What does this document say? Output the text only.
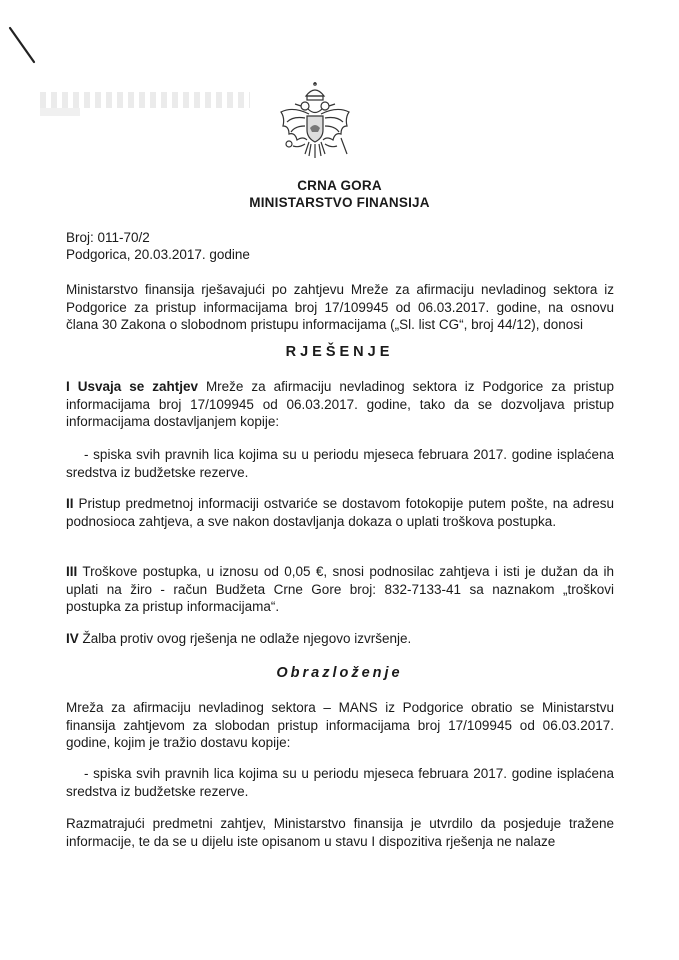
CRNA GORA
MINISTARSTVO FINANSIJA
Broj: 011-70/2
Podgorica, 20.03.2017. godine
Ministarstvo finansija rješavajući po zahtjevu Mreže za afirmaciju nevladinog sektora iz Podgorice za pristup informacijama broj 17/109945 od 06.03.2017. godine, na osnovu člana 30 Zakona o slobodnom pristupu informacijama („Sl. list CG“, broj 44/12), donosi
RJEŠENJE
I Usvaja se zahtjev Mreže za afirmaciju nevladinog sektora iz Podgorice za pristup informacijama broj 17/109945 od 06.03.2017. godine, tako da se dozvoljava pristup informacijama dostavljanjem kopije:
- spiska svih pravnih lica kojima su u periodu mjeseca februara 2017. godine isplaćena sredstva iz budžetske rezerve.
II Pristup predmetnoj informaciji ostvariće se dostavom fotokopije putem pošte, na adresu podnosioca zahtjeva, a sve nakon dostavljanja dokaza o uplati troškova postupka.
III Troškove postupka, u iznosu od 0,05 €, snosi podnosilac zahtjeva i isti je dužan da ih uplati na žiro - račun Budžeta Crne Gore broj: 832-7133-41 sa naznakom „troškovi postupka za pristup informacijama“.
IV Žalba protiv ovog rješenja ne odlaže njegovo izvršenje.
Obrazloženje
Mreža za afirmaciju nevladinog sektora – MANS iz Podgorice obratio se Ministarstvu finansija zahtjevom za slobodan pristup informacijama broj 17/109945 od 06.03.2017. godine, kojim je tražio dostavu kopije:
- spiska svih pravnih lica kojima su u periodu mjeseca februara 2017. godine isplaćena sredstva iz budžetske rezerve.
Razmatrajući predmetni zahtjev, Ministarstvo finansija je utvrdilo da posjeduje tražene informacije, te da se u dijelu iste opisanom u stavu I dispozitiva rješenja ne nalaze
